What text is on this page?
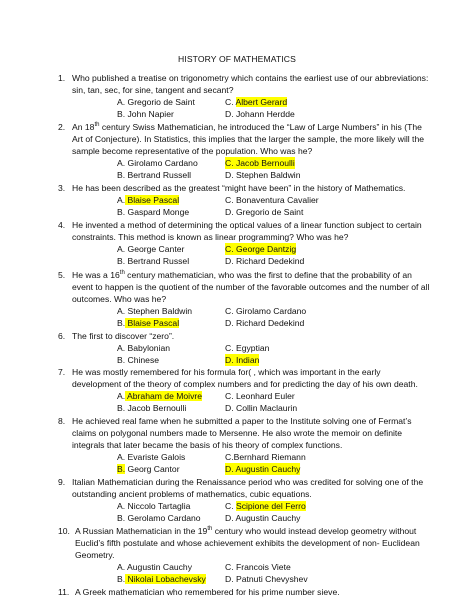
HISTORY OF MATHEMATICS
1. Who published a treatise on trigonometry which contains the earliest use of our abbreviations: sin, tan, sec, for sine, tangent and secant?
A. Gregorio de Saint	C. Albert Gerard
B. John Napier	D. Johann Herdde
2. An 18th century Swiss Mathematician, he introduced the “Law of Large Numbers” in his (The Art of Conjecture). In Statistics, this implies that the larger the sample, the more likely will the sample become representative of the population. Who was he?
A. Girolamo Cardano	C. Jacob Bernoulli
B. Bertrand Russell	D. Stephen Baldwin
3. He has been described as the greatest “might have been” in the history of Mathematics.
A. Blaise Pascal	C. Bonaventura Cavalier
B. Gaspard Monge	D. Gregorio de Saint
4. He invented a method of determining the optical values of a linear function subject to certain constraints. This method is known as linear programming? Who was he?
A. George Canter	C. George Dantzig
B. Bertrand Russel	D. Richard Dedekind
5. He was a 16th century mathematician, who was the first to define that the probability of an event to happen is the quotient of the number of the favorable outcomes and the number of all outcomes. Who was he?
A. Stephen Baldwin	C. Girolamo Cardano
B. Blaise Pascal	D. Richard Dedekind
6. The first to discover “zero”.
A. Babylonian	C. Egyptian
B. Chinese	D. Indian
7. He was mostly remembered for his formula for( , which was important in the early development of the theory of complex numbers and for predicting the day of his own death.
A. Abraham de Moivre	C. Leonhard Euler
B. Jacob Bernoulli	D. Collin Maclaurin
8. He achieved real fame when he submitted a paper to the Institute solving one of Fermat’s claims on polygonal numbers made to Mersenne. He also wrote the memoir on definite integrals that later became the basis of his theory of complex functions.
A. Evariste Galois	C.Bernhard Riemann
B. Georg Cantor	D. Augustin Cauchy
9. Italian Mathematician during the Renaissance period who was credited for solving one of the outstanding ancient problems of mathematics, cubic equations.
A. Niccolo Tartaglia	C. Scipione del Ferro
B. Gerolamo Cardano	D. Augustin Cauchy
10. A Russian Mathematician in the 19th century who would instead develop geometry without Euclid’s fifth postulate and whose achievement exhibits the development of non- Euclidean Geometry.
A. Augustin Cauchy	C. Francois Viete
B. Nikolai Lobachevsky D. Patnuti Chevyshev
11. A Greek mathematician who remembered for his prime number sieve.
